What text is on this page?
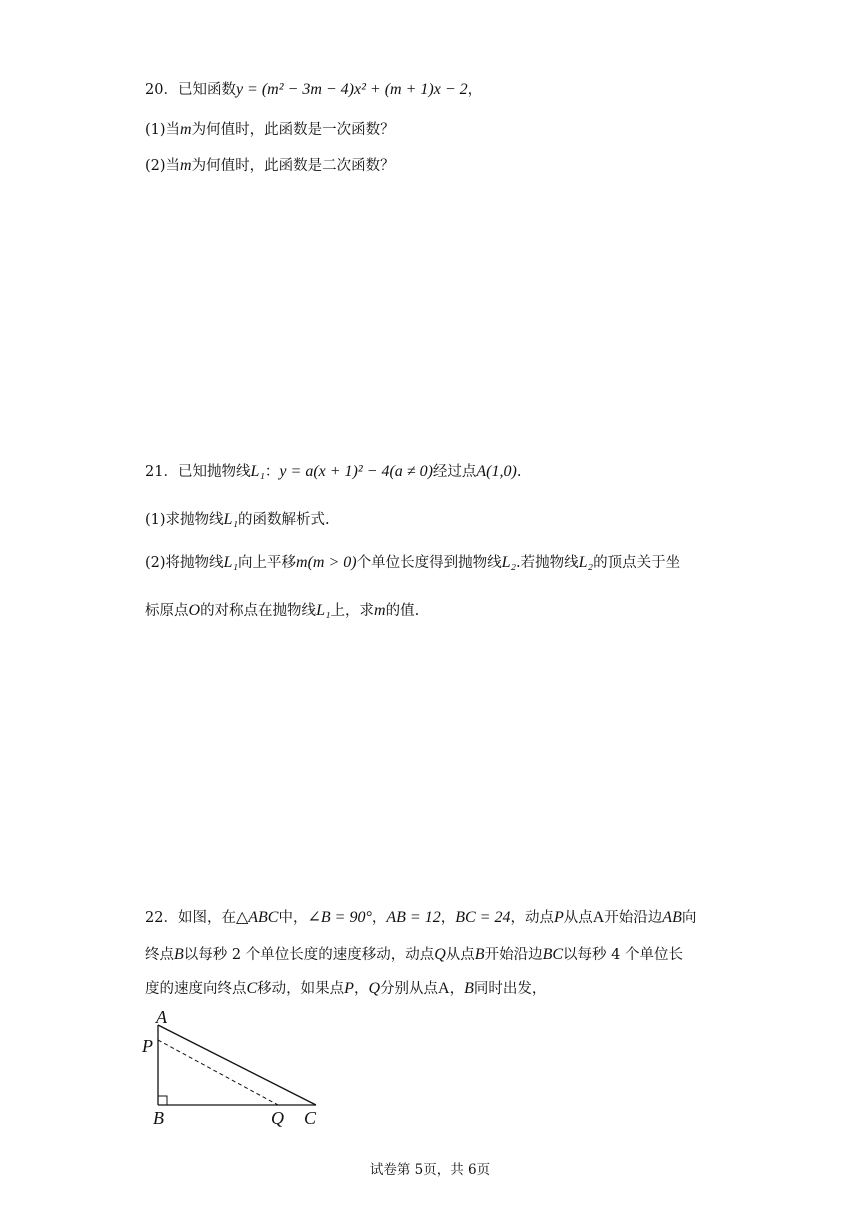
20．已知函数y = (m² − 3m − 4)x² + (m + 1)x − 2，
(1)当m为何值时，此函数是一次函数？
(2)当m为何值时，此函数是二次函数？
21．已知抛物线L₁：y = a(x + 1)² − 4(a ≠ 0)经过点A(1,0).
(1)求抛物线L₁的函数解析式.
(2)将抛物线L₁向上平移m(m > 0)个单位长度得到抛物线L₂.若抛物线L₂的顶点关于坐
标原点O的对称点在抛物线L₁上，求m的值.
22．如图，在△ABC中，∠B = 90°，AB = 12，BC = 24，动点P从点A开始沿边AB向
终点B以每秒 2 个单位长度的速度移动，动点Q从点B开始沿边BC以每秒 4 个单位长
度的速度向终点C移动，如果点P，Q分别从点A，B同时出发，
A
P
B	Q C
试卷第 5页，共 6页
